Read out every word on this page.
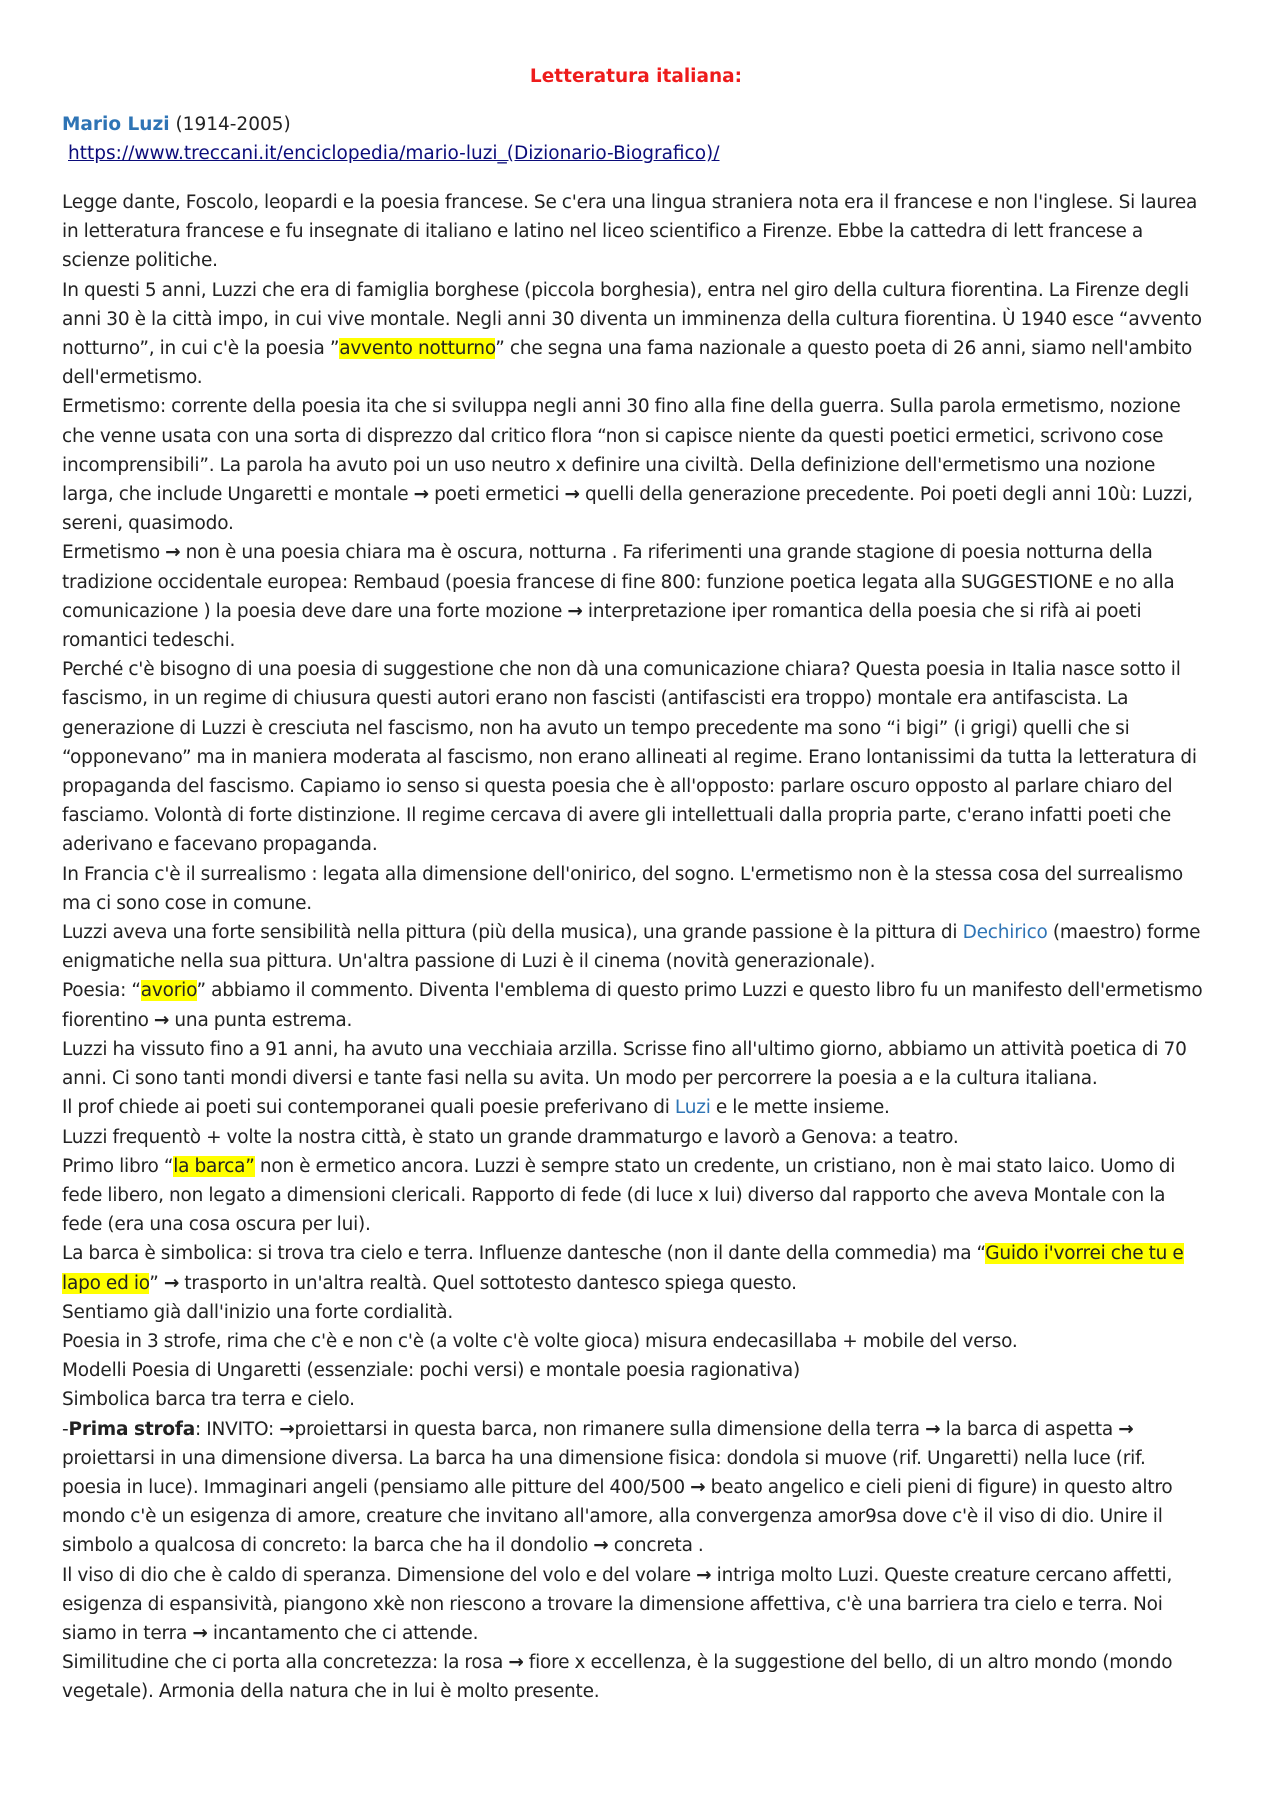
Letteratura italiana:
Mario Luzi (1914-2005)
https://www.treccani.it/enciclopedia/mario-luzi_(Dizionario-Biografico)/

Legge dante, Foscolo, leopardi e la poesia francese. Se c'era una lingua straniera nota era il francese e non l'inglese. Si laurea in letteratura francese e fu insegnate di italiano e latino nel liceo scientifico a Firenze. Ebbe la cattedra di lett francese a scienze politiche.

In questi 5 anni, Luzzi che era di famiglia borghese (piccola borghesia), entra nel giro della cultura fiorentina. La Firenze degli anni 30 è la città impo, in cui vive montale. Negli anni 30 diventa un imminenza della cultura fiorentina. Ù 1940 esce “avvento notturno”, in cui c'è la poesia ”avvento notturno” che segna una fama nazionale a questo poeta di 26 anni, siamo nell'ambito dell'ermetismo.

Ermetismo: corrente della poesia ita che si sviluppa negli anni 30 fino alla fine della guerra. Sulla parola ermetismo, nozione che venne usata con una sorta di disprezzo dal critico flora “non si capisce niente da questi poetici ermetici, scrivono cose incomprensibili”. La parola ha avuto poi un uso neutro x definire una civiltà. Della definizione dell'ermetismo una nozione larga, che include Ungaretti e montale → poeti ermetici → quelli della generazione precedente. Poi poeti degli anni 10ù: Luzzi, sereni, quasimodo.

Ermetismo → non è una poesia chiara ma è oscura, notturna . Fa riferimenti una grande stagione di poesia notturna della tradizione occidentale europea: Rembaud (poesia francese di fine 800: funzione poetica legata alla SUGGESTIONE e no alla comunicazione ) la poesia deve dare una forte mozione → interpretazione iper romantica della poesia che si rifà ai poeti romantici tedeschi.

Perché c'è bisogno di una poesia di suggestione che non dà una comunicazione chiara? Questa poesia in Italia nasce sotto il fascismo, in un regime di chiusura questi autori erano non fascisti (antifascisti era troppo) montale era antifascista. La generazione di Luzzi è cresciuta nel fascismo, non ha avuto un tempo precedente ma sono “i bigi” (i grigi) quelli che si “opponevano” ma in maniera moderata al fascismo, non erano allineati al regime. Erano lontanissimi da tutta la letteratura di propaganda del fascismo. Capiamo io senso si questa poesia che è all'opposto: parlare oscuro opposto al parlare chiaro del fasciamo. Volontà di forte distinzione. Il regime cercava di avere gli intellettuali dalla propria parte, c'erano infatti poeti che aderivano e facevano propaganda.

In Francia c'è il surrealismo : legata alla dimensione dell'onirico, del sogno. L'ermetismo non è la stessa cosa del surrealismo ma ci sono cose in comune.

Luzzi aveva una forte sensibilità nella pittura (più della musica), una grande passione è la pittura di Dechirico (maestro) forme enigmatiche nella sua pittura. Un'altra passione di Luzi è il cinema (novità generazionale).

Poesia: “avorio” abbiamo il commento. Diventa l'emblema di questo primo Luzzi e questo libro fu un manifesto dell'ermetismo fiorentino → una punta estrema.

Luzzi ha vissuto fino a 91 anni, ha avuto una vecchiaia arzilla. Scrisse fino all'ultimo giorno, abbiamo un attività poetica di 70 anni. Ci sono tanti mondi diversi e tante fasi nella su avita. Un modo per percorrere la poesia a e la cultura italiana.

Il prof chiede ai poeti sui contemporanei quali poesie preferivano di Luzi e le mette insieme.

Luzzi frequentò + volte la nostra città, è stato un grande drammaturgo e lavorò a Genova: a teatro.

Primo libro “la barca” non è ermetico ancora. Luzzi è sempre stato un credente, un cristiano, non è mai stato laico. Uomo di fede libero, non legato a dimensioni clericali. Rapporto di fede (di luce x lui) diverso dal rapporto che aveva Montale con la fede (era una cosa oscura per lui).

La barca è simbolica: si trova tra cielo e terra. Influenze dantesche (non il dante della commedia) ma “Guido i'vorrei che tu e lapo ed io” → trasporto in un'altra realtà. Quel sottotesto dantesco spiega questo.

Sentiamo già dall'inizio una forte cordialità.

Poesia in 3 strofe, rima che c'è e non c'è (a volte c'è volte gioca) misura endecasillaba + mobile del verso.

Modelli Poesia di Ungaretti (essenziale: pochi versi) e montale poesia ragionativa)

Simbolica barca tra terra e cielo.

-Prima strofa: INVITO: →proiettarsi in questa barca, non rimanere sulla dimensione della terra → la barca di aspetta → proiettarsi in una dimensione diversa. La barca ha una dimensione fisica: dondola si muove (rif. Ungaretti) nella luce (rif. poesia in luce). Immaginari angeli (pensiamo alle pitture del 400/500 → beato angelico e cieli pieni di figure) in questo altro mondo c'è un esigenza di amore, creature che invitano all'amore, alla convergenza amor9sa dove c'è il viso di dio. Unire il simbolo a qualcosa di concreto: la barca che ha il dondolio → concreta .

Il viso di dio che è caldo di speranza. Dimensione del volo e del volare → intriga molto Luzi. Queste creature cercano affetti, esigenza di espansività, piangono xkè non riescono a trovare la dimensione affettiva, c'è una barriera tra cielo e terra. Noi siamo in terra → incantamento che ci attende.

Similitudine che ci porta alla concretezza: la rosa → fiore x eccellenza, è la suggestione del bello, di un altro mondo (mondo vegetale). Armonia della natura che in lui è molto presente.
